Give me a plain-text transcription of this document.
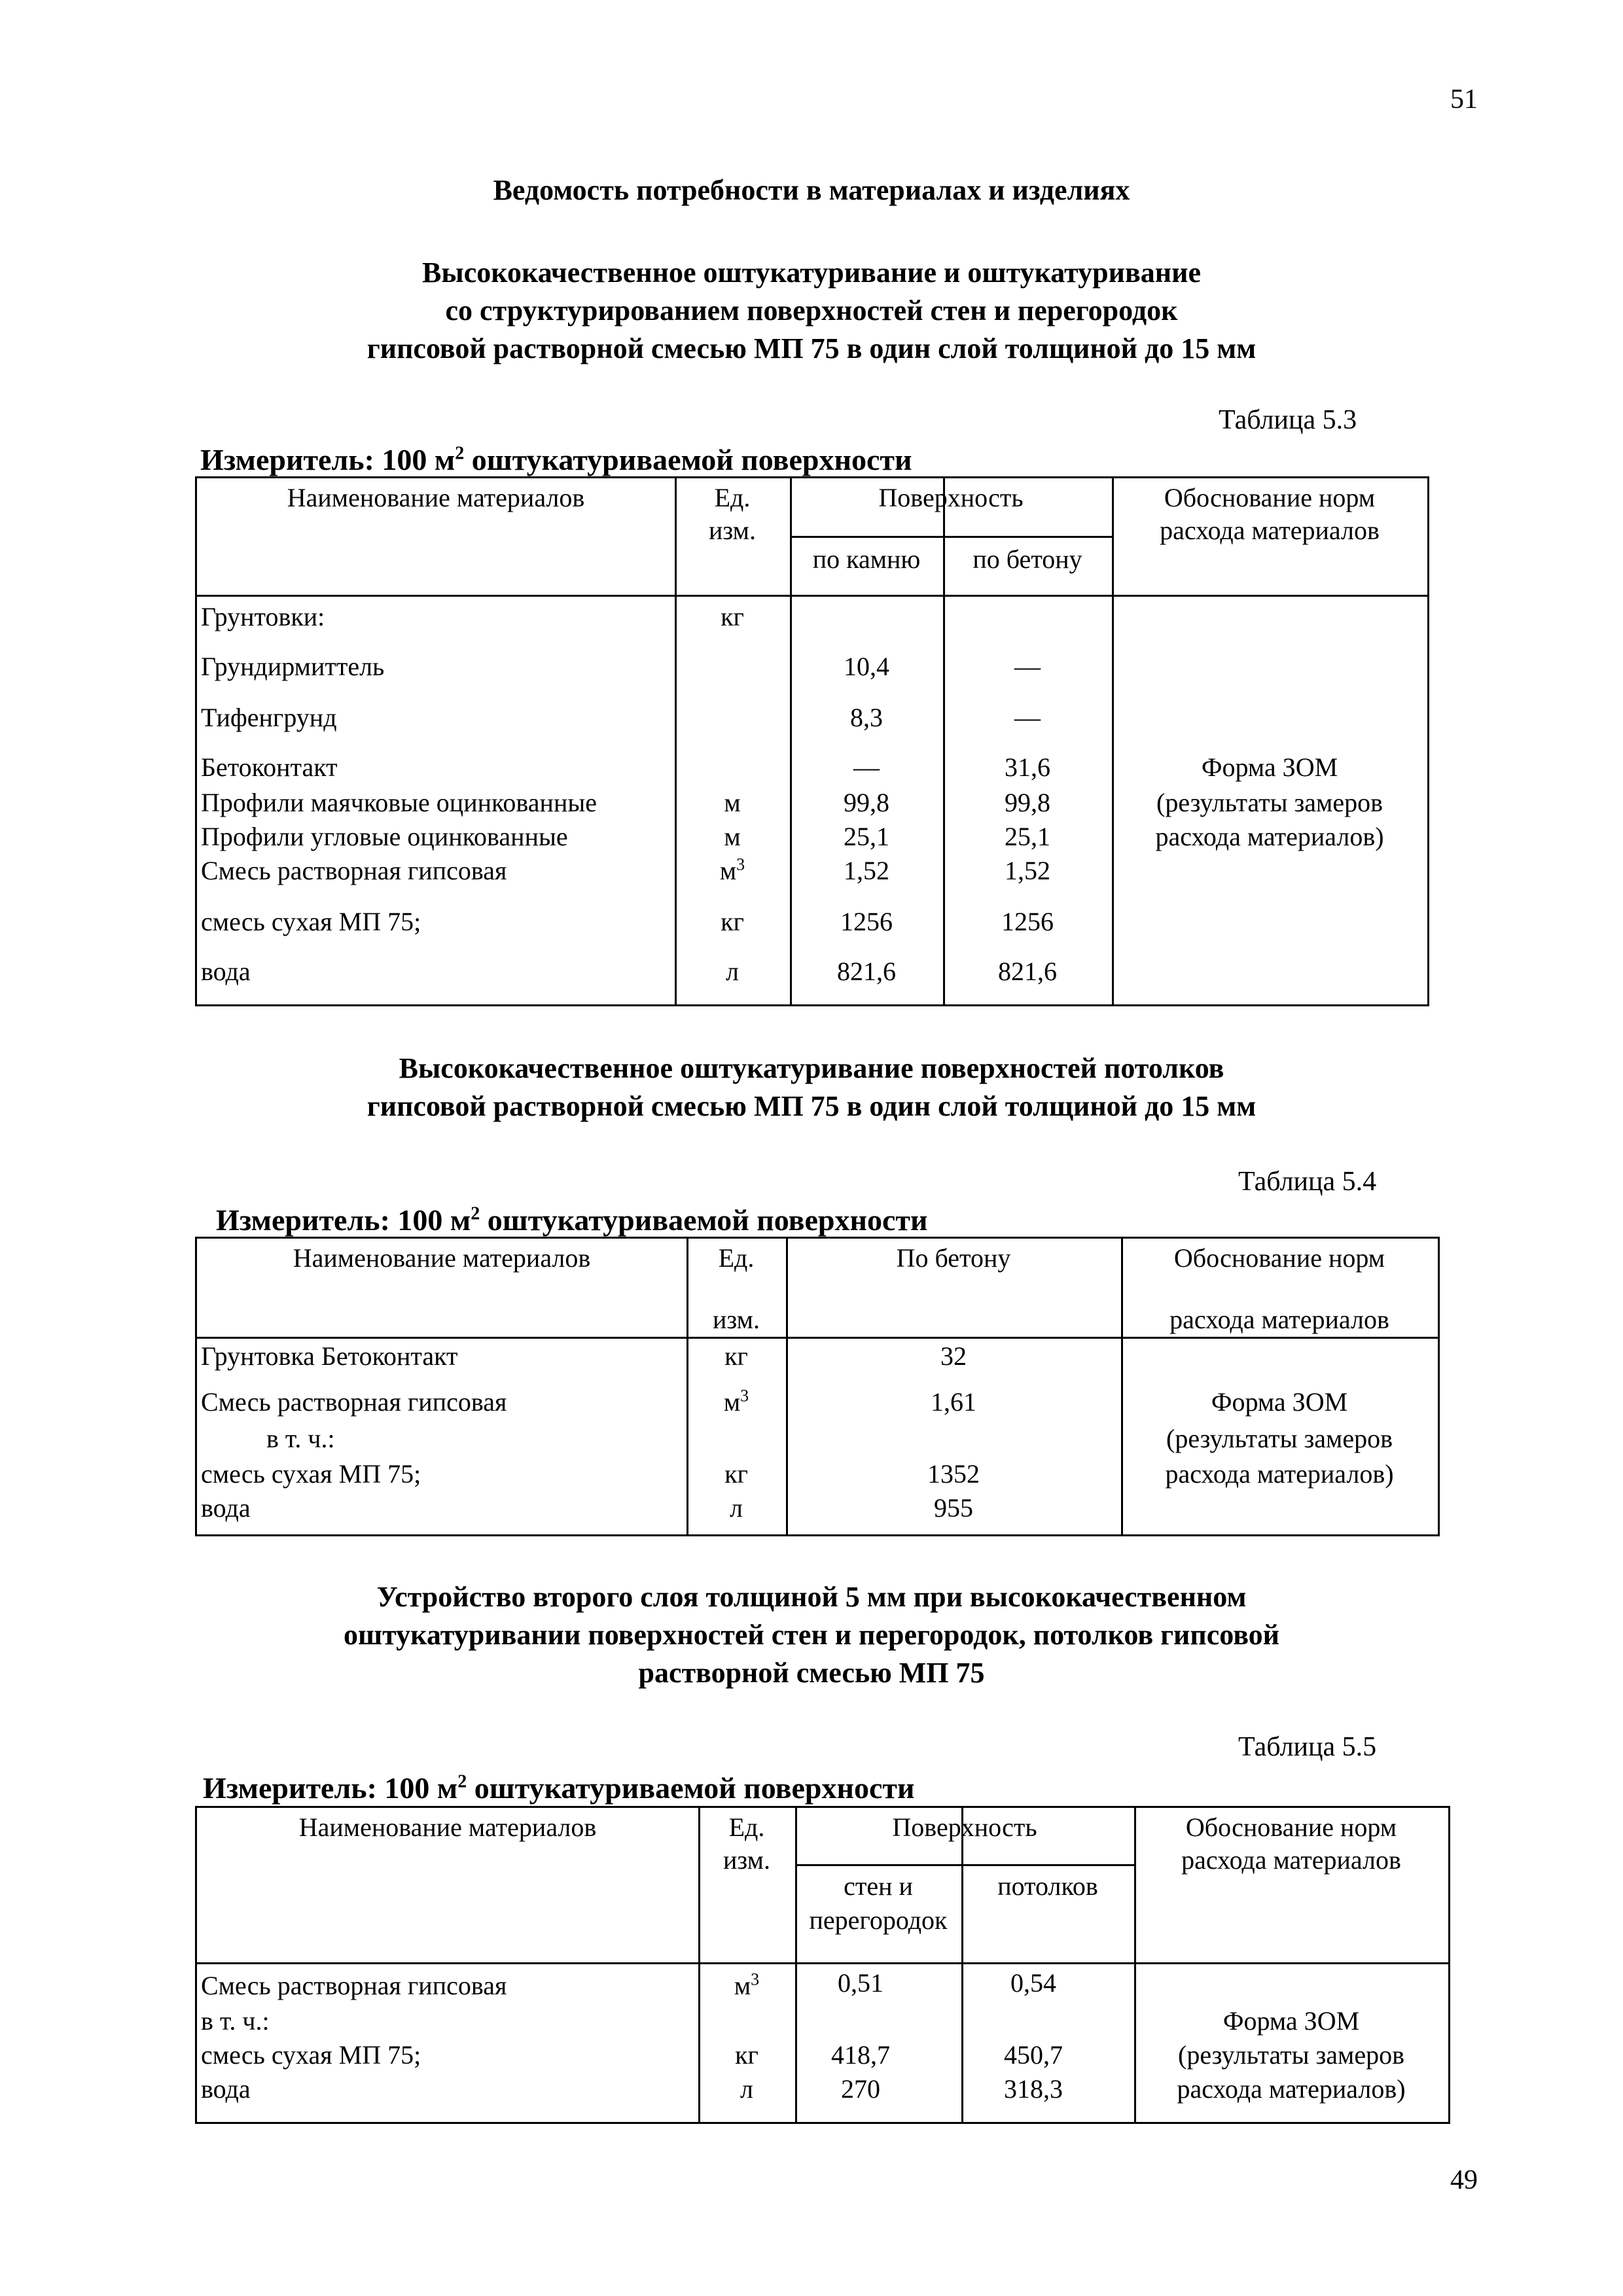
51
Ведомость потребности в материалах и изделиях
Высококачественное оштукатуривание и оштукатуривание
со структурированием поверхностей стен и перегородок
гипсовой растворной смесью МП 75 в один слой толщиной до 15 мм
Таблица 5.3
Измеритель: 100 $м^2$ оштукатуриваемой поверхности
Наименование материалов	Ед.
изм.
Поверхность
по камню	по бетону
Обоснование норм
расхода материалов
Грунтовки:	кг
Грундирмиттель	10,4	—
Тифенгрунд	8,3	—
Бетоконтакт	—	31,6
Профили маячковые оцинкованные	м	99,8	99,8
Профили угловые оцинкованные	м	25,1	25,1
Смесь растворная гипсовая	$м^3$	1,52	1,52
смесь сухая МП 75;	кг	1256	1256
вода	л	821,6	821,6
Форма ЗОМ
(результаты замеров
расхода материалов)
Высококачественное оштукатуривание поверхностей потолков
гипсовой растворной смесью МП 75 в один слой толщиной до 15 мм
Таблица 5.4
Измеритель: 100 $м^2$ оштукатуриваемой поверхности
Наименование материалов	Ед.
изм.
По бетону	Обоснование норм
расхода материалов
Грунтовка Бетоконтакт	кг	32
Смесь растворная гипсовая	$м^3$	1,61
в т. ч.:
смесь сухая МП 75;	кг	1352
вода	л	955
Форма ЗОМ
(результаты замеров
расхода материалов)
Устройство второго слоя толщиной 5 мм при высококачественном
оштукатуривании поверхностей стен и перегородок, потолков гипсовой
растворной смесью МП 75
Таблица 5.5
Измеритель: 100 $м^2$ оштукатуриваемой поверхности
Наименование материалов	Ед.
изм.
Поверхность
стен и
перегородок
потолков
Обоснование норм
расхода материалов
Смесь растворная гипсовая	$м^3$	0,51	0,54
в т. ч.:
смесь сухая МП 75;	кг	418,7	450,7
вода	л	270	318,3
Форма ЗОМ
(результаты замеров
расхода материалов)
49
